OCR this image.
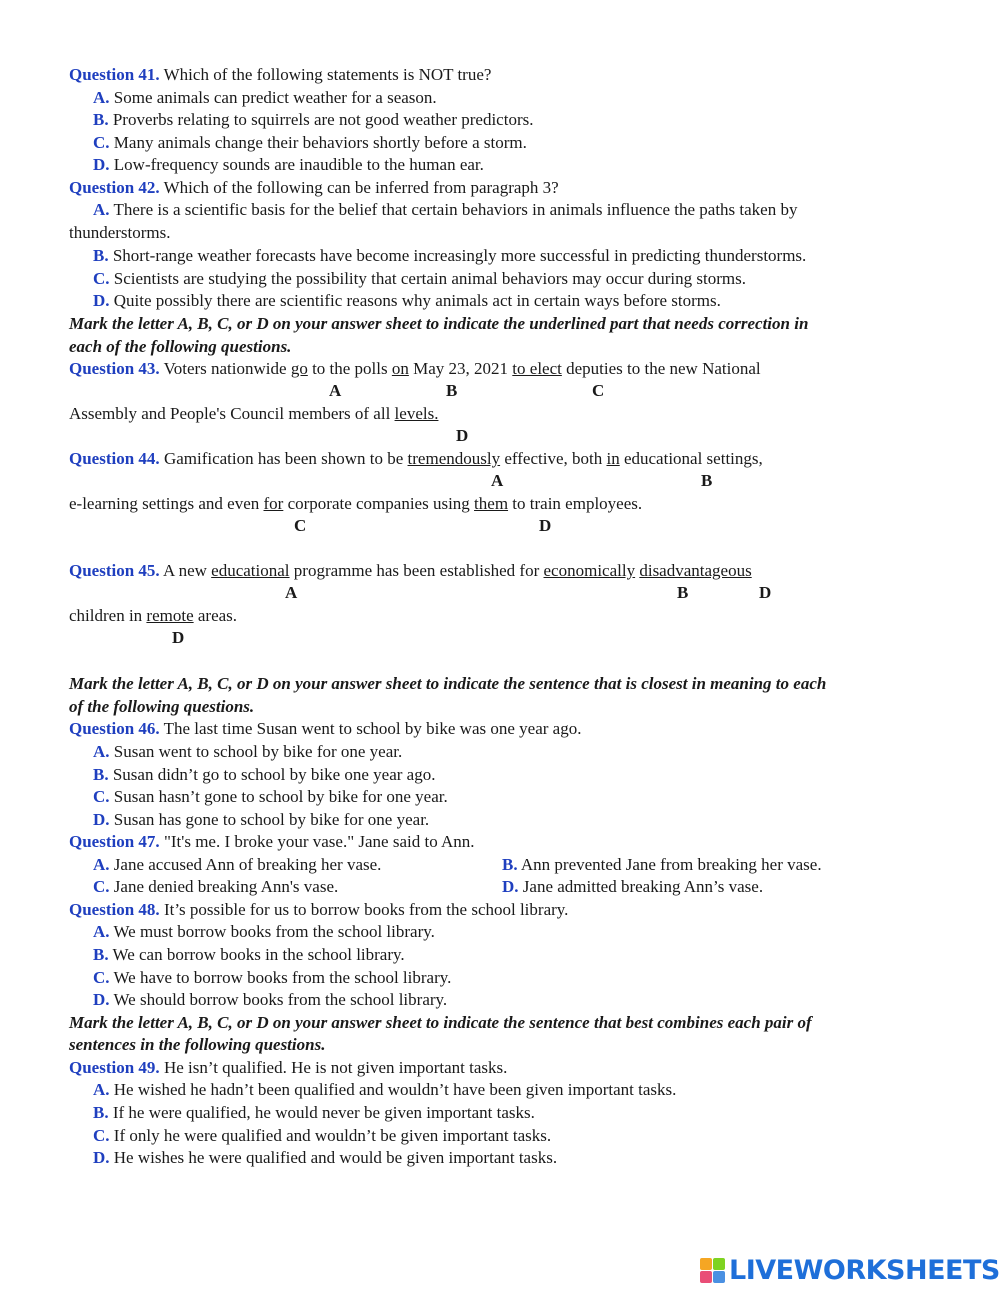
Question 41. Which of the following statements is NOT true?
A. Some animals can predict weather for a season.
B. Proverbs relating to squirrels are not good weather predictors.
C. Many animals change their behaviors shortly before a storm.
D. Low-frequency sounds are inaudible to the human ear.
Question 42. Which of the following can be inferred from paragraph 3?
A. There is a scientific basis for the belief that certain behaviors in animals influence the paths taken by
thunderstorms.
B. Short-range weather forecasts have become increasingly more successful in predicting thunderstorms.
C. Scientists are studying the possibility that certain animal behaviors may occur during storms.
D. Quite possibly there are scientific reasons why animals act in certain ways before storms.
Mark the letter A, B, C, or D on your answer sheet to indicate the underlined part that needs correction in
each of the following questions.
Question 43. Voters nationwide go to the polls on May 23, 2021 to elect deputies to the new National
A	B	C
Assembly and People's Council members of all levels.
D
Question 44. Gamification has been shown to be tremendously effective, both in educational settings,
A	B
e-learning settings and even for corporate companies using them to train employees.
C	D
Question 45. A new educational programme has been established for economically disadvantageous
A	B	D
children in remote areas.
D
Mark the letter A, B, C, or D on your answer sheet to indicate the sentence that is closest in meaning to each
of the following questions.
Question 46. The last time Susan went to school by bike was one year ago.
A. Susan went to school by bike for one year.
B. Susan didn’t go to school by bike one year ago.
C. Susan hasn’t gone to school by bike for one year.
D. Susan has gone to school by bike for one year.
Question 47. "It's me. I broke your vase." Jane said to Ann.
A. Jane accused Ann of breaking her vase.	B. Ann prevented Jane from breaking her vase.
C. Jane denied breaking Ann's vase.	D. Jane admitted breaking Ann’s vase.
Question 48. It’s possible for us to borrow books from the school library.
A. We must borrow books from the school library.
B. We can borrow books in the school library.
C. We have to borrow books from the school library.
D. We should borrow books from the school library.
Mark the letter A, B, C, or D on your answer sheet to indicate the sentence that best combines each pair of
sentences in the following questions.
Question 49. He isn’t qualified. He is not given important tasks.
A. He wished he hadn’t been qualified and wouldn’t have been given important tasks.
B. If he were qualified, he would never be given important tasks.
C. If only he were qualified and wouldn’t be given important tasks.
D. He wishes he were qualified and would be given important tasks.
LIVEWORKSHEETS
